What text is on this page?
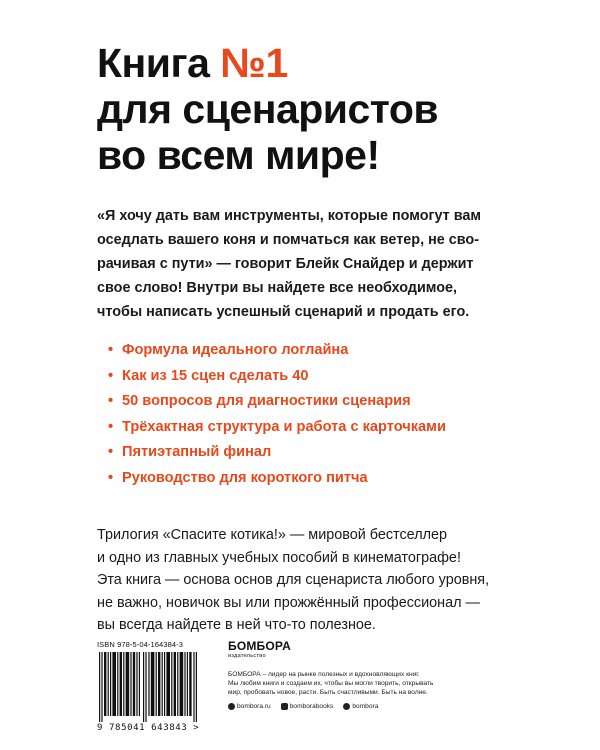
Книга №1
для сценаристов
во всем мире!
«Я хочу дать вам инструменты, которые помогут вам
оседлать вашего коня и помчаться как ветер, не сво-
рачивая с пути» — говорит Блейк Снайдер и держит
свое слово! Внутри вы найдете все необходимое,
чтобы написать успешный сценарий и продать его.
• Формула идеального логлайна
• Как из 15 сцен сделать 40
• 50 вопросов для диагностики сценария
• Трёхактная структура и работа с карточками
• Пятиэтапный финал
• Руководство для короткого питча
Трилогия «Спасите котика!» — мировой бестселлер
и одно из главных учебных пособий в кинематографе!
Эта книга — основа основ для сценариста любого уровня,
не важно, новичок вы или прожжённый профессионал —
вы всегда найдете в ней что-то полезное.
ISBN 978-5-04-164384-3
9 785041 643843 >
БОМБОРА
издательство
БОМБОРА – лидер на рынке полезных и вдохновляющих книг.
Мы любим книги и создаем их, чтобы вы могли творить, открывать
мир, пробовать новое, расти. Быть счастливыми. Быть на волне.
bombora.ru	bomborabooks	bombora
